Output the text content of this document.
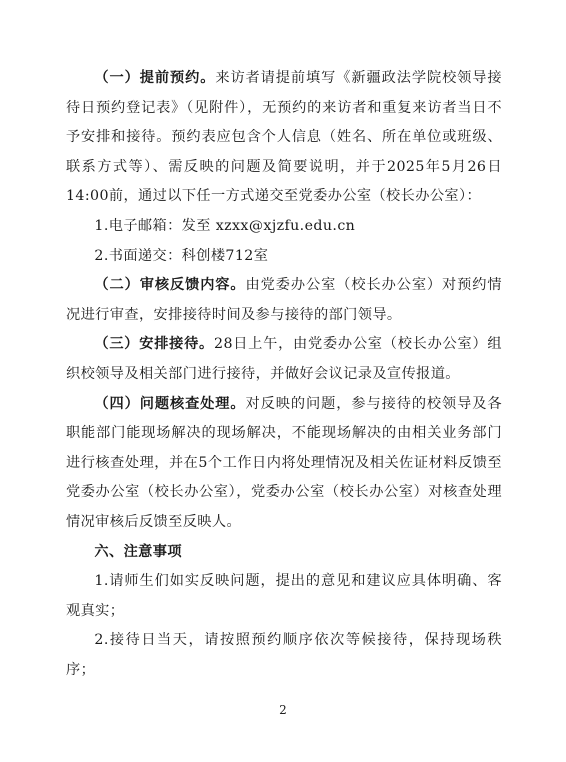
（一）提前预约。来访者请提前填写《新疆政法学院校领导接待日预约登记表》（见附件），无预约的来访者和重复来访者当日不予安排和接待。预约表应包含个人信息（姓名、所在单位或班级、联系方式等）、需反映的问题及简要说明，并于2025年5月26日14:00前，通过以下任一方式递交至党委办公室（校长办公室）：

1.电子邮箱：发至 xzxx@xjzfu.edu.cn

2.书面递交：科创楼712室

（二）审核反馈内容。由党委办公室（校长办公室）对预约情况进行审查，安排接待时间及参与接待的部门领导。

（三）安排接待。28日上午，由党委办公室（校长办公室）组织校领导及相关部门进行接待，并做好会议记录及宣传报道。

（四）问题核查处理。对反映的问题，参与接待的校领导及各职能部门能现场解决的现场解决，不能现场解决的由相关业务部门进行核查处理，并在5个工作日内将处理情况及相关佐证材料反馈至党委办公室（校长办公室），党委办公室（校长办公室）对核查处理情况审核后反馈至反映人。

六、注意事项

1.请师生们如实反映问题，提出的意见和建议应具体明确、客观真实；

2.接待日当天，请按照预约顺序依次等候接待，保持现场秩序；

2
